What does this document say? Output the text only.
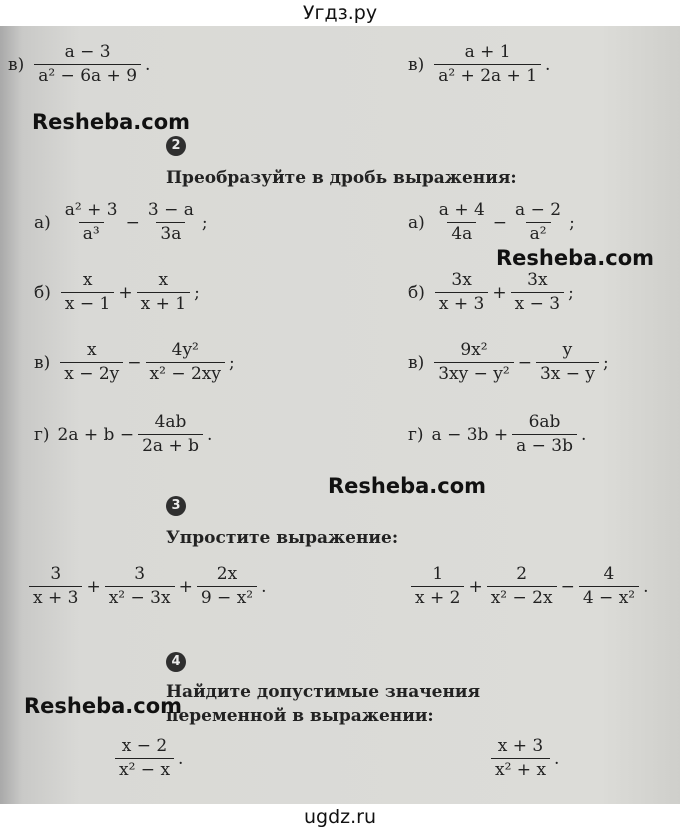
Угдз.ру
$в) \frac{a - 3}{\text{a² − 6a + 9}}$ .	$в) \frac{a + 1}{\text{a² + 2a + 1}}$ .
Resheba.com
2
Преобразуйте в дробь выражения:
$а) \frac{\text{a² + 3}}{\text{a³}} - \frac{3 - a}{3a}$ ;	$а) \frac{a + 4}{4a} - \frac{a - 2}{\text{a²}}$ ;
Resheba.com
$б) \frac{x}{x - 1} + \frac{x}{x + 1}$ ;	$б) \frac{3x}{x + 3} + \frac{3x}{x - 3}$ ;
$в) \frac{x}{x - 2y} - \frac{\text{4y²}}{\text{x² − 2xy}}$ ;	$в) \frac{\text{9x²}}{\text{3xy − y²}} - \frac{y}{3x - y}$ ;
г) $2a + b - \frac{4ab}{2a + b}$ .	г) $a - 3b + \frac{6ab}{a - 3b}$ .
Resheba.com
3
Упростите выражение:
$\frac{3}{x + 3} + \frac{3}{\text{x² − 3x}} + \frac{2x}{\text{9 − x²}}$ .	$\frac{1}{x + 2} + \frac{2}{\text{x² − 2x}} - \frac{4}{\text{4 − x²}}$ .
4
Найдите допустимые значения
переменной в выражении:
Resheba.com
$\frac{x - 2}{\text{x² − x}}$ .	$\frac{x + 3}{\text{x² + x}}$ .
ugdz.ru
